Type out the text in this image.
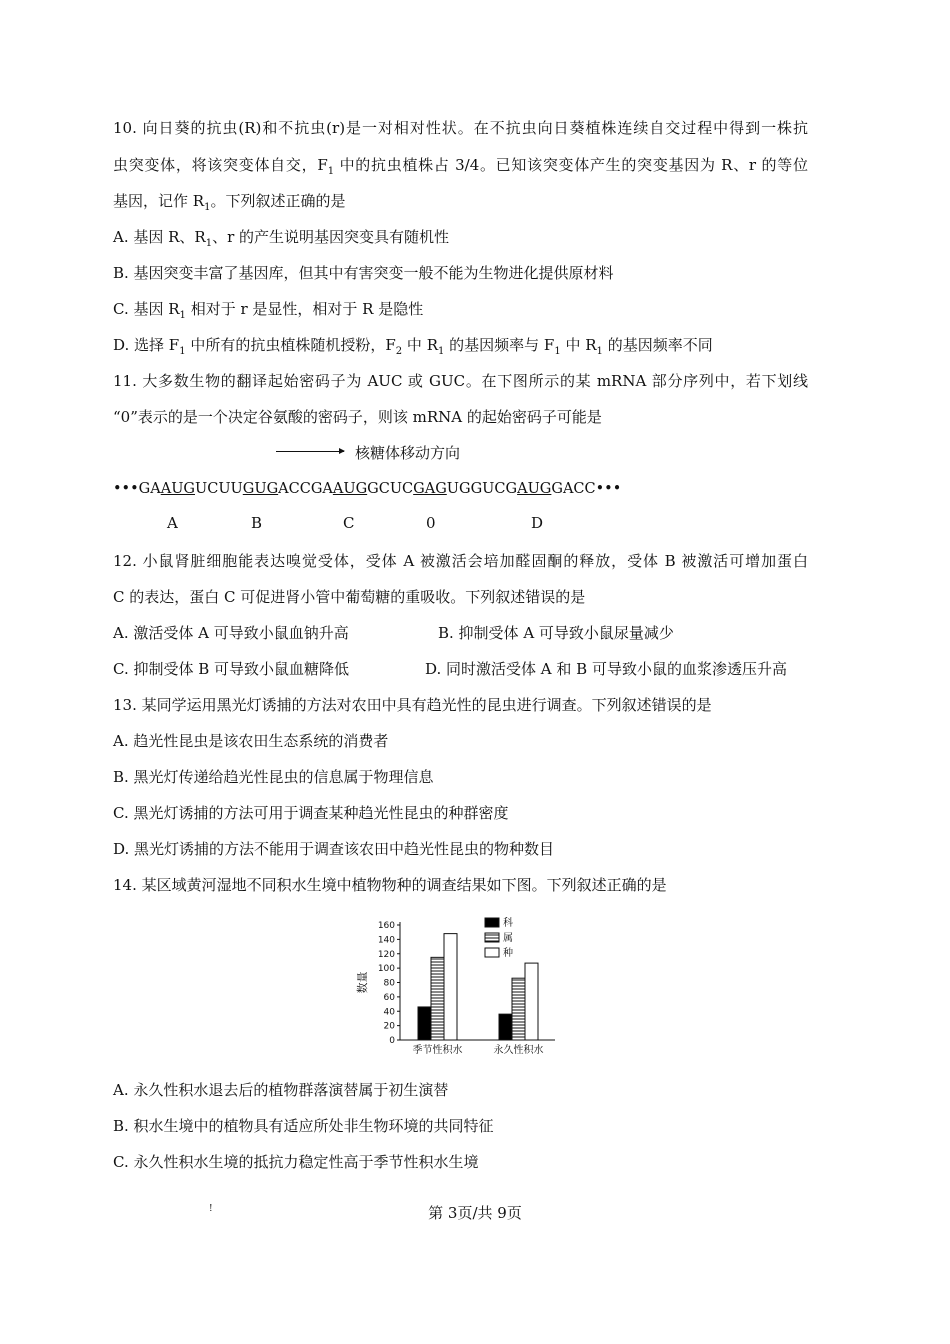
10. 向日葵的抗虫(R)和不抗虫(r)是一对相对性状。在不抗虫向日葵植株连续自交过程中得到一株抗
虫突变体，将该突变体自交，$F_1$ 中的抗虫植株占 3/4。已知该突变体产生的突变基因为 R、r 的等位
基因，记作 $R_1$。下列叙述正确的是
A. 基因 R、$R_1$、r 的产生说明基因突变具有随机性
B. 基因突变丰富了基因库，但其中有害突变一般不能为生物进化提供原材料
C. 基因 $R_1$ 相对于 r 是显性，相对于 R 是隐性
D. 选择 $F_1$ 中所有的抗虫植株随机授粉，$F_2$ 中 $R_1$ 的基因频率与 $F_1$ 中 $R_1$ 的基因频率不同
11. 大多数生物的翻译起始密码子为 AUC 或 GUC。在下图所示的某 mRNA 部分序列中，若下划线
“0”表示的是一个决定谷氨酸的密码子，则该 mRNA 的起始密码子可能是
核糖体移动方向
•••GAAUGUCUUGUGACCGAAUGGCUCGAGUGGUCGAUGGACC•••
A	B	C	0	D
12. 小鼠肾脏细胞能表达嗅觉受体，受体 A 被激活会培加醛固酮的释放，受体 B 被激活可增加蛋白
C 的表达，蛋白 C 可促进肾小管中葡萄糖的重吸收。下列叙述错误的是
A. 激活受体 A 可导致小鼠血钠升高	B. 抑制受体 A 可导致小鼠尿量减少
C. 抑制受体 B 可导致小鼠血糖降低	D. 同时激活受体 A 和 B 可导致小鼠的血浆渗透压升高
13. 某同学运用黑光灯诱捕的方法对农田中具有趋光性的昆虫进行调查。下列叙述错误的是
A. 趋光性昆虫是该农田生态系统的消费者
B. 黑光灯传递给趋光性昆虫的信息属于物理信息
C. 黑光灯诱捕的方法可用于调查某种趋光性昆虫的种群密度
D. 黑光灯诱捕的方法不能用于调查该农田中趋光性昆虫的物种数目
14. 某区域黄河湿地不同积水生境中植物物种的调查结果如下图。下列叙述正确的是
0
20
40
60
80
100
120
140
160
数量
季节性积水	永久性积水
科
属
种
A. 永久性积水退去后的植物群落演替属于初生演替
B. 积水生境中的植物具有适应所处非生物环境的共同特征
C. 永久性积水生境的抵抗力稳定性高于季节性积水生境
!	第 3页/共 9页
